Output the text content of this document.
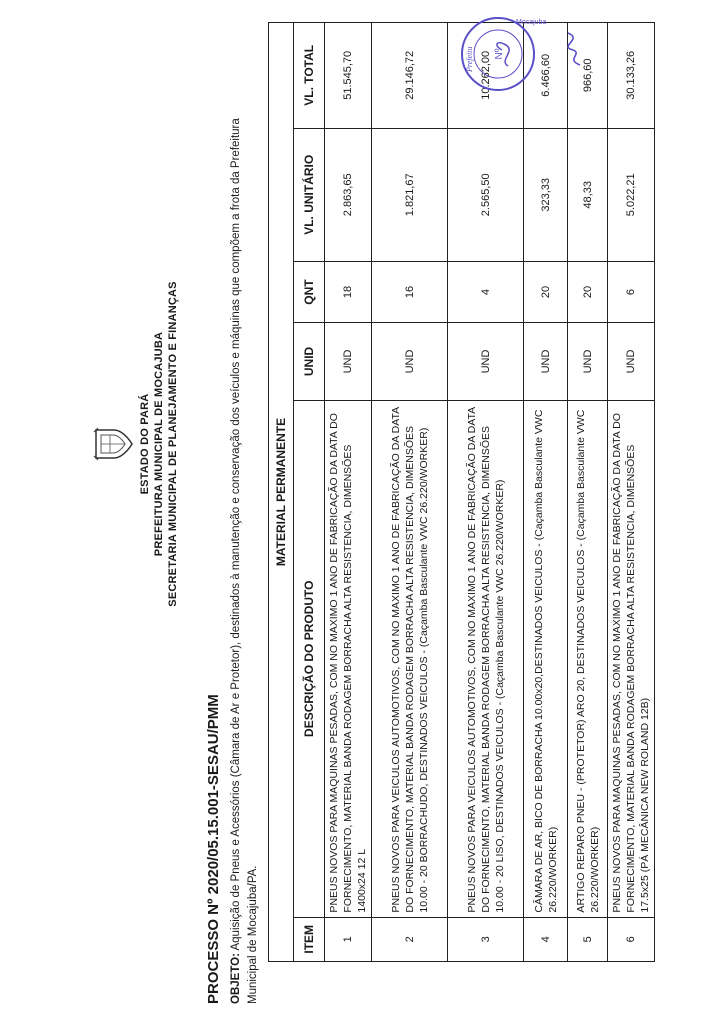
ESTADO DO PARÁ PREFEITURA MUNICIPAL DE MOCAJUBA SECRETARIA MUNICIPAL DE PLANEJAMENTO E FINANÇAS
PROCESSO Nº 2020/05.15.001-SESAU/PMM OBJETO: Aquisição de Pneus e Acessórios (Câmara de Ar e Protetor), destinados à manutenção e conservação dos veículos e máquinas que compõem a frota da Prefeitura Municipal de Mocajuba/PA.
MATERIAL PERMANENTE					
ITEM	DESCRIÇÃO DO PRODUTO	UNID	QNT	VL. UNITÁRIO	VL. TOTAL
1	PNEUS NOVOS PARA MAQUINAS PESADAS, COM NO MAXIMO 1 ANO DE FABRICAÇÃO DA DATA DO FORNECIMENTO, MATERIAL BANDA RODAGEM BORRACHA ALTA RESISTENCIA, DIMENSÕES 1400x24 12 L	UND	18	2.863,65	51.545,70
2	PNEUS NOVOS PARA VEICULOS AUTOMOTIVOS, COM NO MAXIMO 1 ANO DE FABRICAÇÃO DA DATA DO FORNECIMENTO, MATERIAL BANDA RODAGEM BORRACHA ALTA RESISTENCIA, DIMENSÕES 10.00 - 20 BORRACHUDO, DESTINADOS VEICULOS - (Caçamba Basculante VWC 26.220/WORKER)	UND	16	1.821,67	29.146,72
3	PNEUS NOVOS PARA VEICULOS AUTOMOTIVOS, COM NO MAXIMO 1 ANO DE FABRICAÇÃO DA DATA DO FORNECIMENTO, MATERIAL BANDA RODAGEM BORRACHA ALTA RESISTENCIA, DIMENSÕES 10.00 - 20 LISO, DESTINADOS VEICULOS - (Caçamba Basculante VWC 26.220/WORKER)	UND	4	2.565,50	10.262,00
4	CÂMARA DE AR, BICO DE BORRACHA 10.00x20,DESTINADOS VEICULOS - (Caçamba Basculante VWC 26.220/WORKER)	UND	20	323,33	6.466,60
5	ARTIGO REPARO PNEU - (PROTETOR) ARO 20, DESTINADOS VEICULOS - (Caçamba Basculante VWC 26.220/WORKER)	UND	20	48,33	966,60
6	PNEUS NOVOS PARA MAQUINAS PESADAS, COM NO MAXIMO 1 ANO DE FABRICAÇÃO DA DATA DO FORNECIMENTO, MATERIAL BANDA RODAGEM BORRACHA ALTA RESISTENCIA, DIMENSÕES 17.5x25 (PÁ MECÂNICA NEW ROLAND 12B)	UND	6	5.022,21	30.133,26
Prefeitu Nº
Mocajuba
